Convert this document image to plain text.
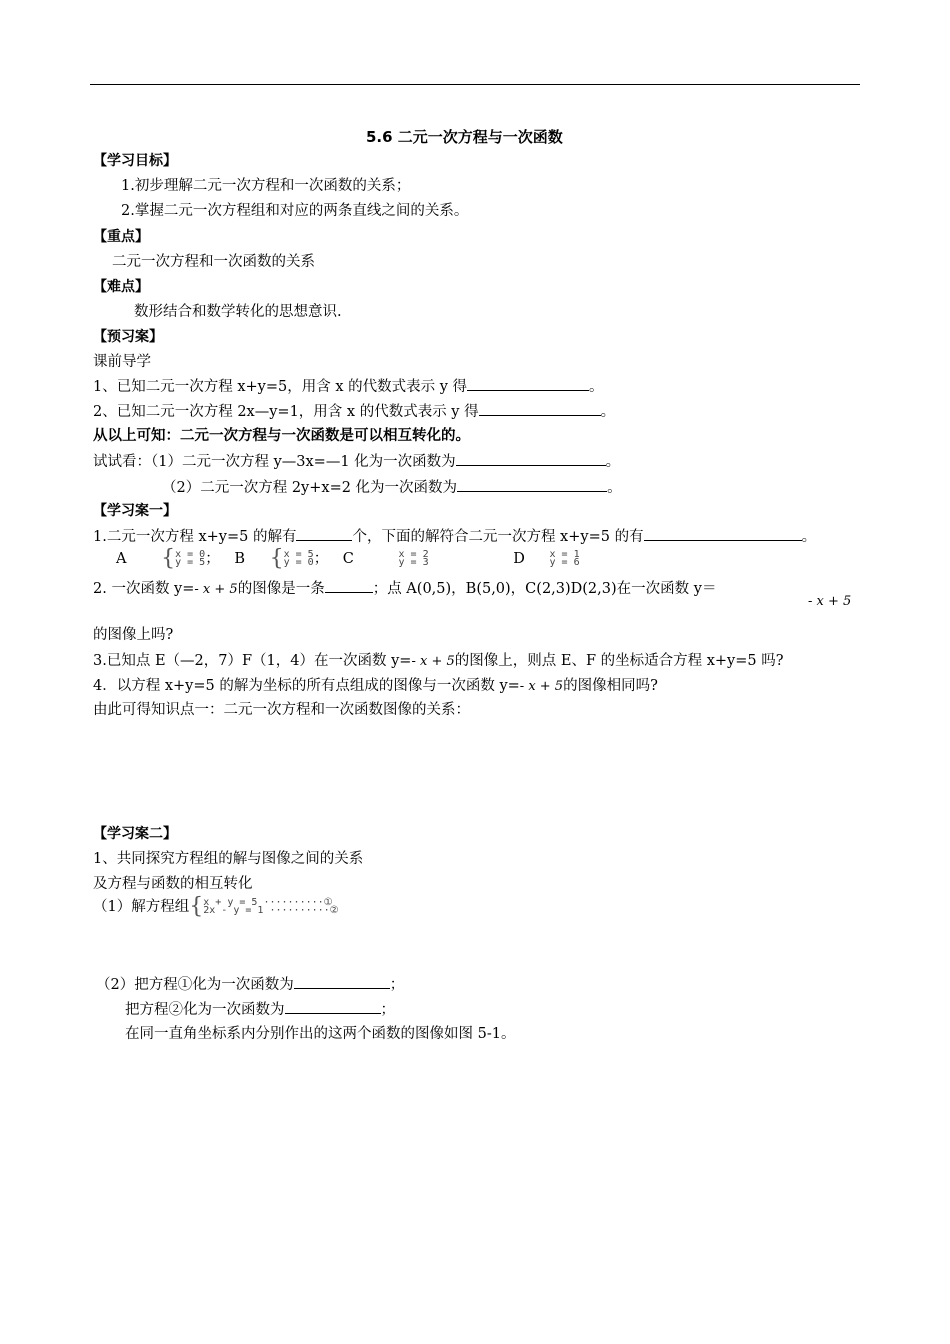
5.6 二元一次方程与一次函数
【学习目标】
1.初步理解二元一次方程和一次函数的关系；
2.掌握二元一次方程组和对应的两条直线之间的关系。
【重点】
二元一次方程和一次函数的关系
【难点】
数形结合和数学转化的思想意识.
【预习案】
课前导学
1、已知二元一次方程 x+y=5，用含 x 的代数式表示 y 得	。
2、已知二元一次方程 2x—y=1，用含 x 的代数式表示 y 得	。
从以上可知：二元一次方程与一次函数是可以相互转化的。
试试看：（1）二元一次方程 y—3x=—1 化为一次函数为	。
（2）二元一次方程 2y+x=2 化为一次函数为	。
【学习案一】
1.二元一次方程 x+y=5 的解有	个，下面的解符合二元一次方程 x+y=5 的有	。
A {x = 0
y = 5； B {x = 5
y = 0； C	x = 2
y = 3	D x = 1
y = 6
2. 一次函数 y=- x + 5的图像是一条	；点 A(0,5)，B(5,0)，C(2,3)D(2,3)在一次函数 y＝
- x + 5
的图像上吗?
3.已知点 E（—2，7）F（1，4）在一次函数 y=- x + 5的图像上，则点 E、F 的坐标适合方程 x+y=5 吗?
4．以方程 x+y=5 的解为坐标的所有点组成的图像与一次函数 y=- x + 5的图像相同吗?
由此可得知识点一：二元一次方程和一次函数图像的关系：
【学习案二】
1、共同探究方程组的解与图像之间的关系
及方程与函数的相互转化
（1）解方程组{x + y = 5 ··········①
2x - y = 1 ··········②
（2）把方程①化为一次函数为	；
把方程②化为一次函数为	；
在同一直角坐标系内分别作出的这两个函数的图像如图 5-1。
